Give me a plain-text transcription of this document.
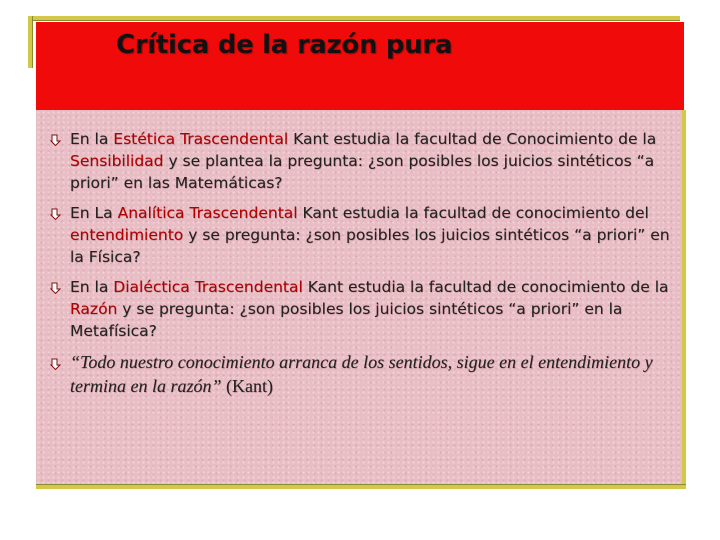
Crítica de la razón pura
En la Estética Trascendental Kant estudia la facultad de Conocimiento de la Sensibilidad y se plantea la pregunta: ¿son posibles los juicios sintéticos “a priori” en las Matemáticas?
En La Analítica Trascendental Kant estudia la facultad de conocimiento del entendimiento y se pregunta: ¿son posibles los juicios sintéticos “a priori” en la Física?
En la Dialéctica Trascendental Kant estudia la facultad de conocimiento de la Razón y se pregunta: ¿son posibles los juicios sintéticos “a priori” en la Metafísica?
“Todo nuestro conocimiento arranca de los sentidos, sigue en el entendimiento y termina en la razón” (Kant)
